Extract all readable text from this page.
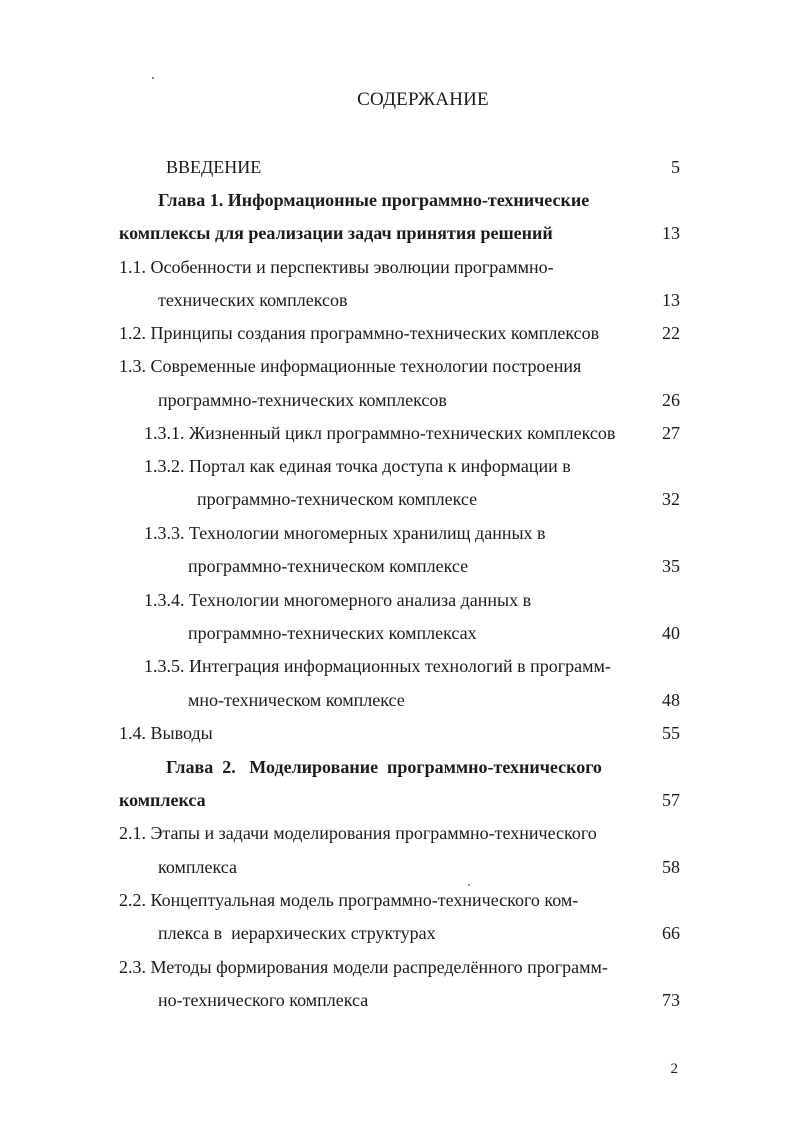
СОДЕРЖАНИЕ
ВВЕДЕНИЕ	5
Глава 1. Информационные программно-технические
комплексы для реализации задач принятия решений	13
1.1. Особенности и перспективы эволюции программно-
технических комплексов	13
1.2. Принципы создания программно-технических комплексов	22
1.3. Современные информационные технологии построения
программно-технических комплексов	26
1.3.1. Жизненный цикл программно-технических комплексов	27
1.3.2. Портал как единая точка доступа к информации в
программно-техническом комплексе	32
1.3.3. Технологии многомерных хранилищ данных в
программно-техническом комплексе	35
1.3.4. Технологии многомерного анализа данных в
программно-технических комплексах	40
1.3.5. Интеграция информационных технологий в программ-
мно-техническом комплексе	48
1.4. Выводы	55
Глава  2.   Моделирование  программно-технического
комплекса	57
2.1. Этапы и задачи моделирования программно-технического
комплекса	58
2.2. Концептуальная модель программно-технического ком-
плекса в  иерархических структурах	66
2.3. Методы формирования модели распределённого программ-
но-технического комплекса	73
2
